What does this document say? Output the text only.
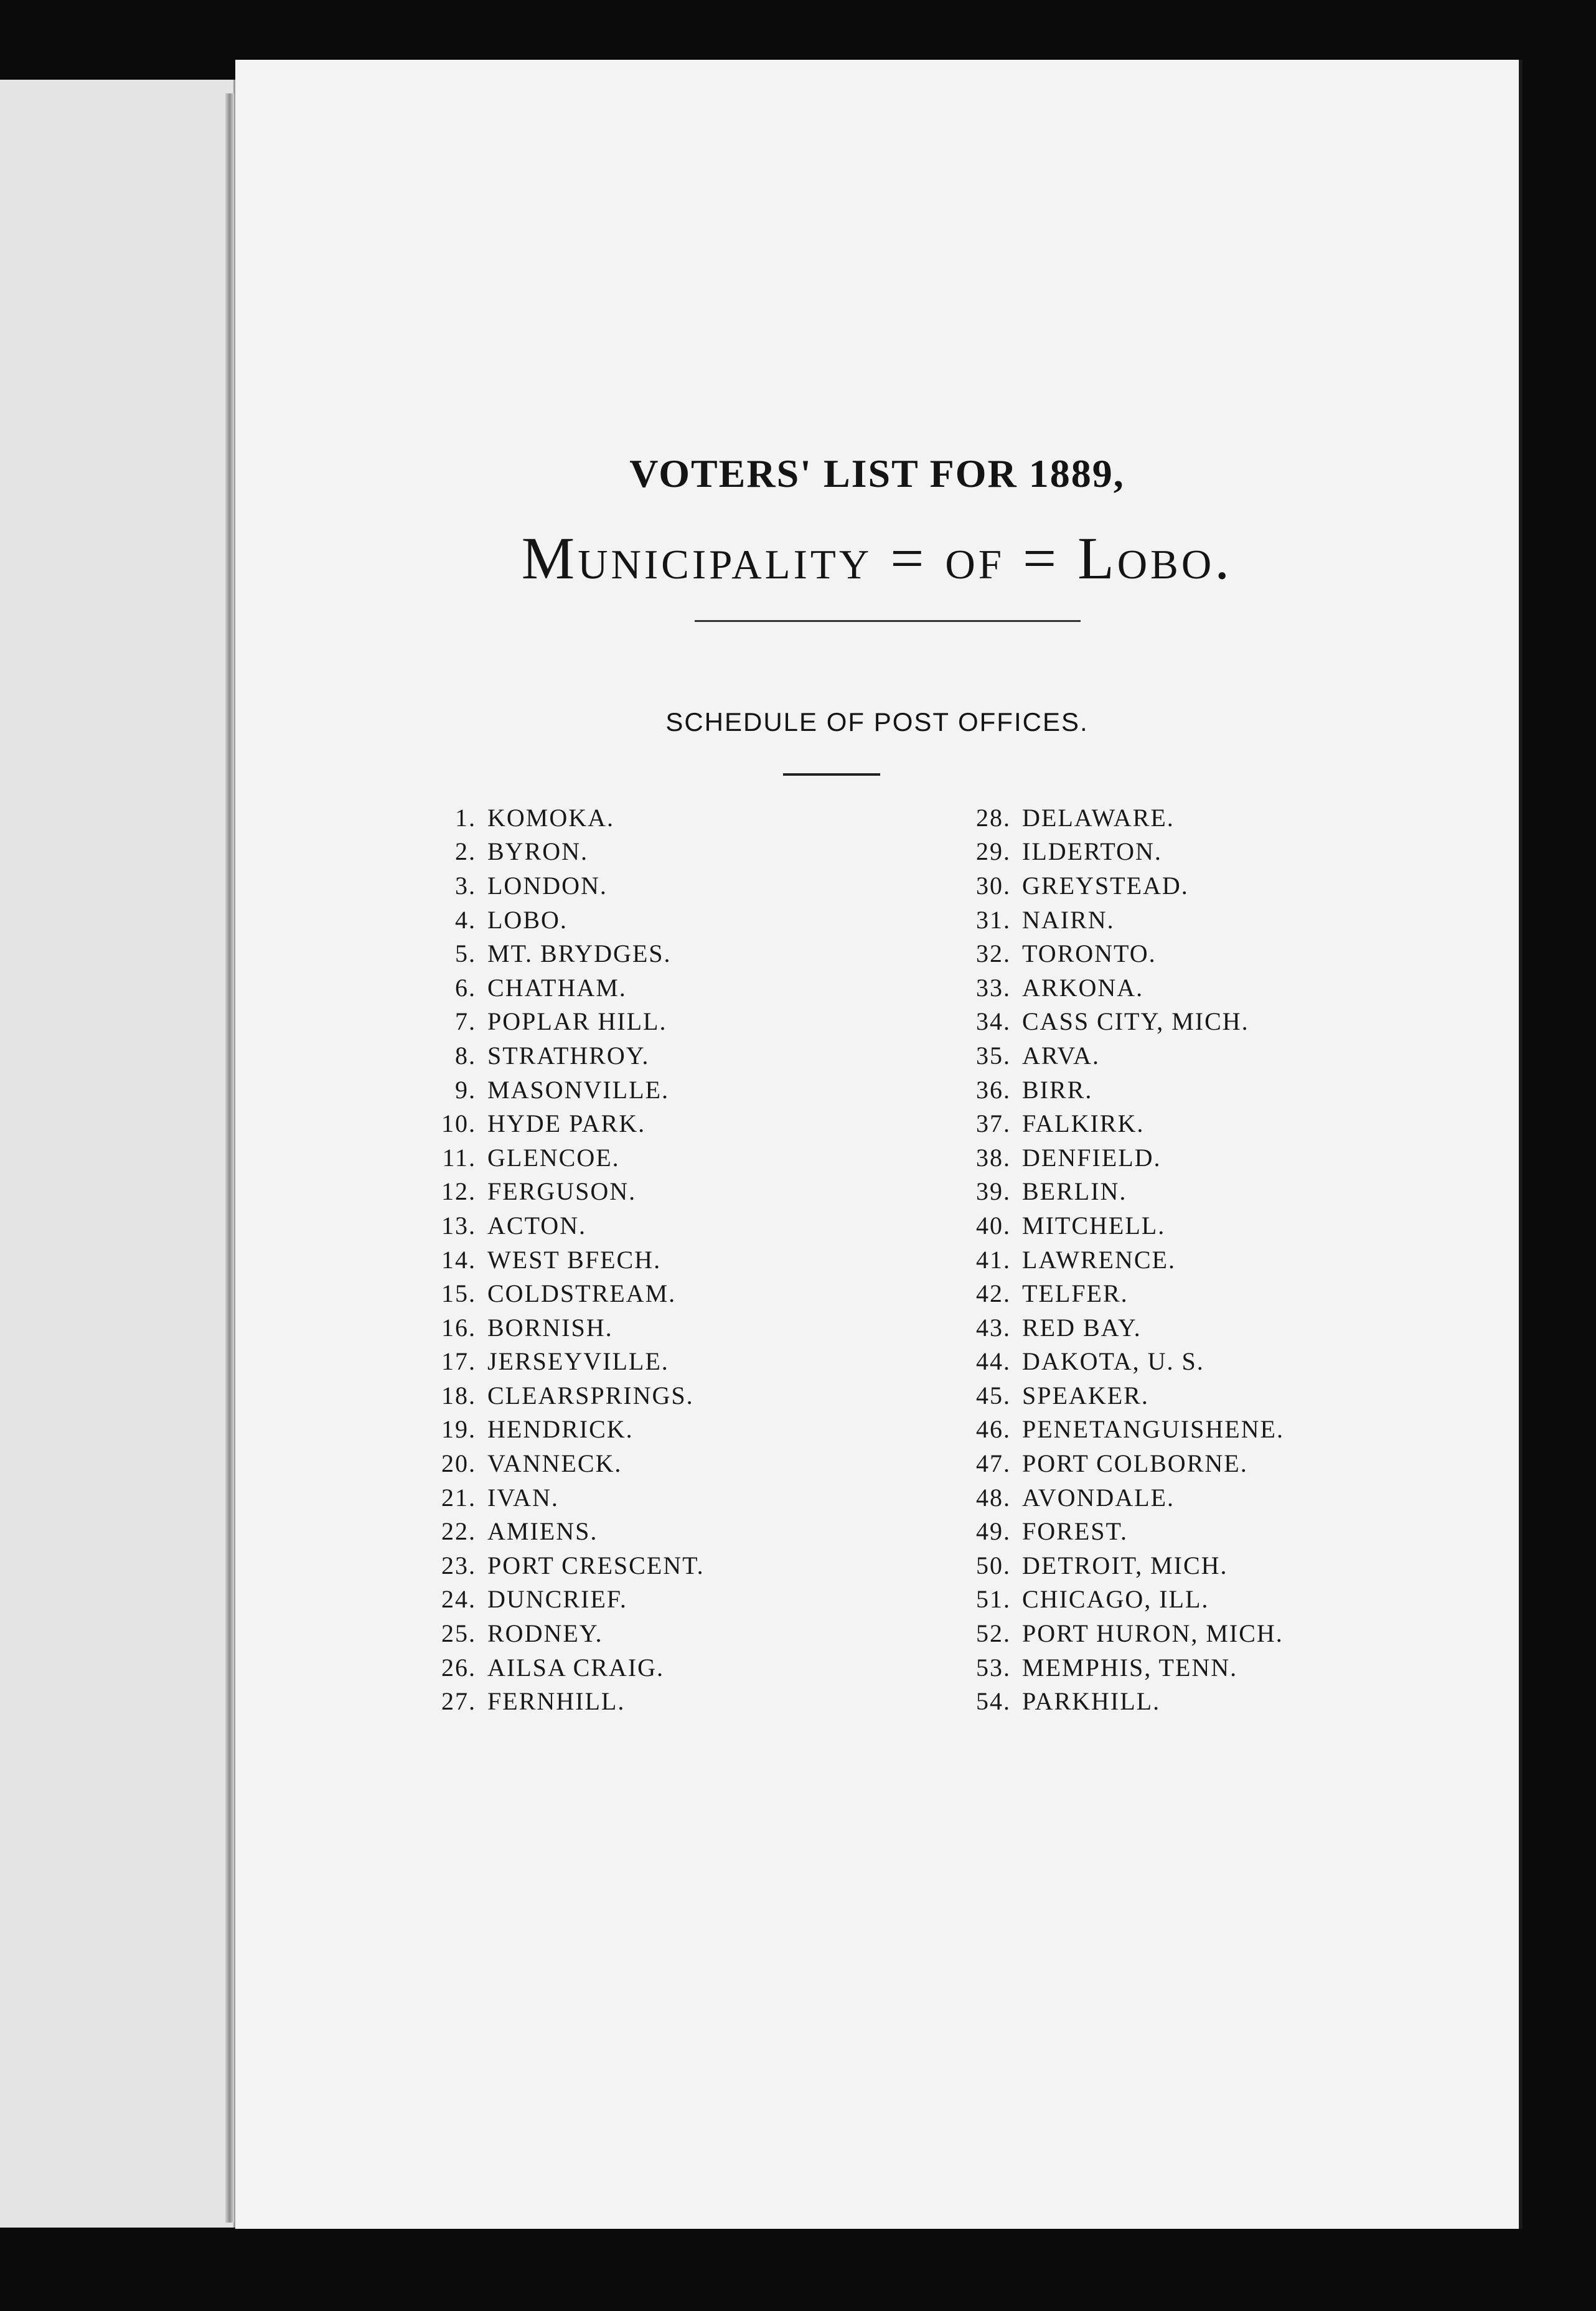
VOTERS' LIST FOR 1889,
Municipality = of = Lobo.
SCHEDULE OF POST OFFICES.
1. KOMOKA.
2. BYRON.
3. LONDON.
4. LOBO.
5. MT. BRYDGES.
6. CHATHAM.
7. POPLAR HILL.
8. STRATHROY.
9. MASONVILLE.
10. HYDE PARK.
11. GLENCOE.
12. FERGUSON.
13. ACTON.
14. WEST BFECH.
15. COLDSTREAM.
16. BORNISH.
17. JERSEYVILLE.
18. CLEARSPRINGS.
19. HENDRICK.
20. VANNECK.
21. IVAN.
22. AMIENS.
23. PORT CRESCENT.
24. DUNCRIEF.
25. RODNEY.
26. AILSA CRAIG.
27. FERNHILL.
28. DELAWARE.
29. ILDERTON.
30. GREYSTEAD.
31. NAIRN.
32. TORONTO.
33. ARKONA.
34. CASS CITY, MICH.
35. ARVA.
36. BIRR.
37. FALKIRK.
38. DENFIELD.
39. BERLIN.
40. MITCHELL.
41. LAWRENCE.
42. TELFER.
43. RED BAY.
44. DAKOTA, U. S.
45. SPEAKER.
46. PENETANGUISHENE.
47. PORT COLBORNE.
48. AVONDALE.
49. FOREST.
50. DETROIT, MICH.
51. CHICAGO, ILL.
52. PORT HURON, MICH.
53. MEMPHIS, TENN.
54. PARKHILL.
